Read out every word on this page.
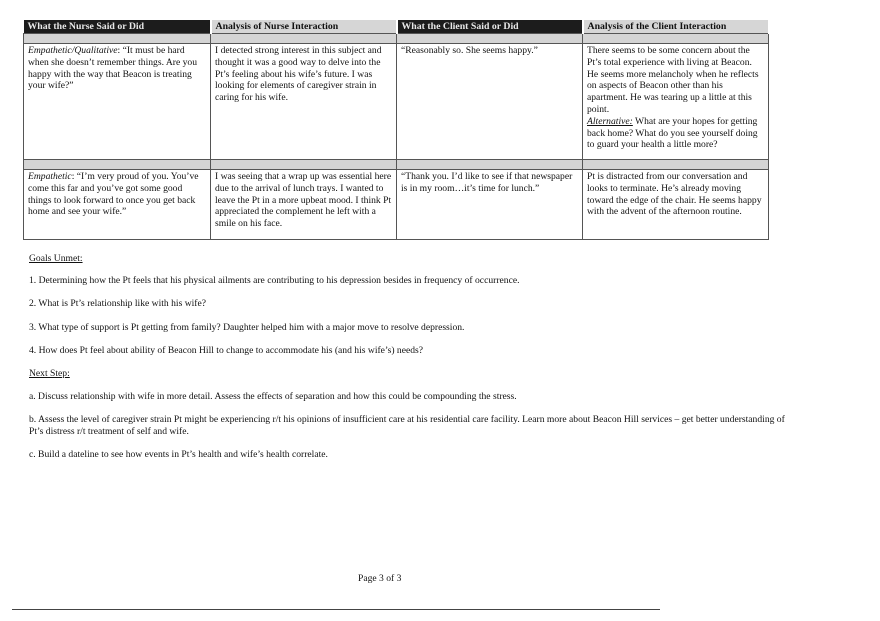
What the Nurse Said or Did	Analysis of Nurse Interaction	What the Client Said or Did	Analysis of the Client Interaction

Empathetic/Qualitative: “It must be hard when she doesn’t remember things. Are you happy with the way that Beacon is treating your wife?”	I detected strong interest in this subject and thought it was a good way to delve into the Pt’s feeling about his wife’s future. I was looking for elements of caregiver strain in caring for his wife.	“Reasonably so. She seems happy.”	There seems to be some concern about the Pt’s total experience with living at Beacon. He seems more melancholy when he reflects on aspects of Beacon other than his apartment. He was tearing up a little at this point.
Alternative: What are your hopes for getting back home? What do you see yourself doing to guard your health a little more?

Empathetic: “I’m very proud of you. You’ve come this far and you’ve got some good things to look forward to once you get back home and see your wife.”	I was seeing that a wrap up was essential here due to the arrival of lunch trays. I wanted to leave the Pt in a more upbeat mood. I think Pt appreciated the complement he left with a smile on his face.	“Thank you. I’d like to see if that newspaper is in my room…it’s time for lunch.”	Pt is distracted from our conversation and looks to terminate. He’s already moving toward the edge of the chair. He seems happy with the advent of the afternoon routine.
Goals Unmet:
1. Determining how the Pt feels that his physical ailments are contributing to his depression besides in frequency of occurrence.
2. What is Pt’s relationship like with his wife?
3. What type of support is Pt getting from family? Daughter helped him with a major move to resolve depression.
4. How does Pt feel about ability of Beacon Hill to change to accommodate his (and his wife’s) needs?
Next Step:
a. Discuss relationship with wife in more detail. Assess the effects of separation and how this could be compounding the stress.
b. Assess the level of caregiver strain Pt might be experiencing r/t his opinions of insufficient care at his residential care facility. Learn more about Beacon Hill services – get better understanding of Pt’s distress r/t treatment of self and wife.
c. Build a dateline to see how events in Pt’s health and wife’s health correlate.
Page 3 of 3
